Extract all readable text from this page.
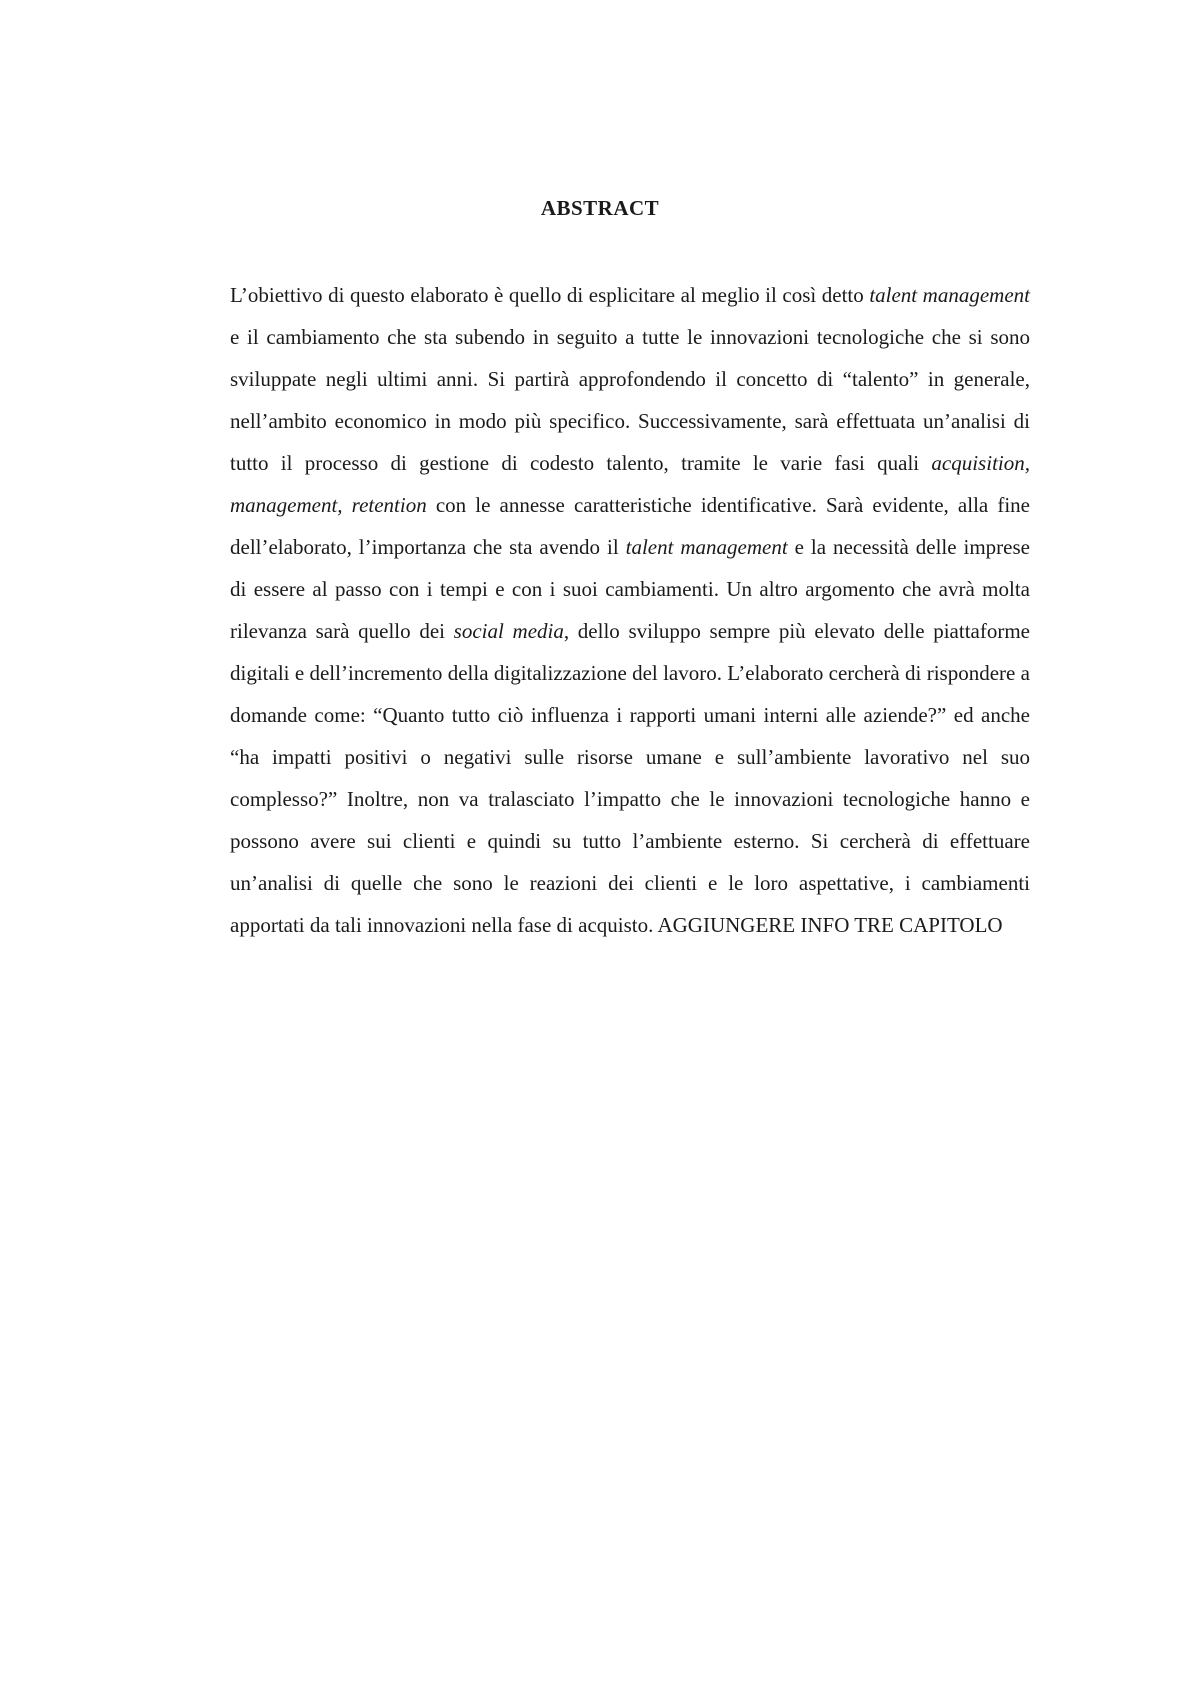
ABSTRACT

L’obiettivo di questo elaborato è quello di esplicitare al meglio il così detto talent management e il cambiamento che sta subendo in seguito a tutte le innovazioni tecnologiche che si sono sviluppate negli ultimi anni. Si partirà approfondendo il concetto di “talento” in generale, nell’ambito economico in modo più specifico. Successivamente, sarà effettuata un’analisi di tutto il processo di gestione di codesto talento, tramite le varie fasi quali acquisition, management, retention con le annesse caratteristiche identificative. Sarà evidente, alla fine dell’elaborato, l’importanza che sta avendo il talent management e la necessità delle imprese di essere al passo con i tempi e con i suoi cambiamenti. Un altro argomento che avrà molta rilevanza sarà quello dei social media, dello sviluppo sempre più elevato delle piattaforme digitali e dell’incremento della digitalizzazione del lavoro. L’elaborato cercherà di rispondere a domande come: “Quanto tutto ciò influenza i rapporti umani interni alle aziende?” ed anche “ha impatti positivi o negativi sulle risorse umane e sull’ambiente lavorativo nel suo complesso?” Inoltre, non va tralasciato l’impatto che le innovazioni tecnologiche hanno e possono avere sui clienti e quindi su tutto l’ambiente esterno. Si cercherà di effettuare un’analisi di quelle che sono le reazioni dei clienti e le loro aspettative, i cambiamenti apportati da tali innovazioni nella fase di acquisto. AGGIUNGERE INFO TRE CAPITOLO
